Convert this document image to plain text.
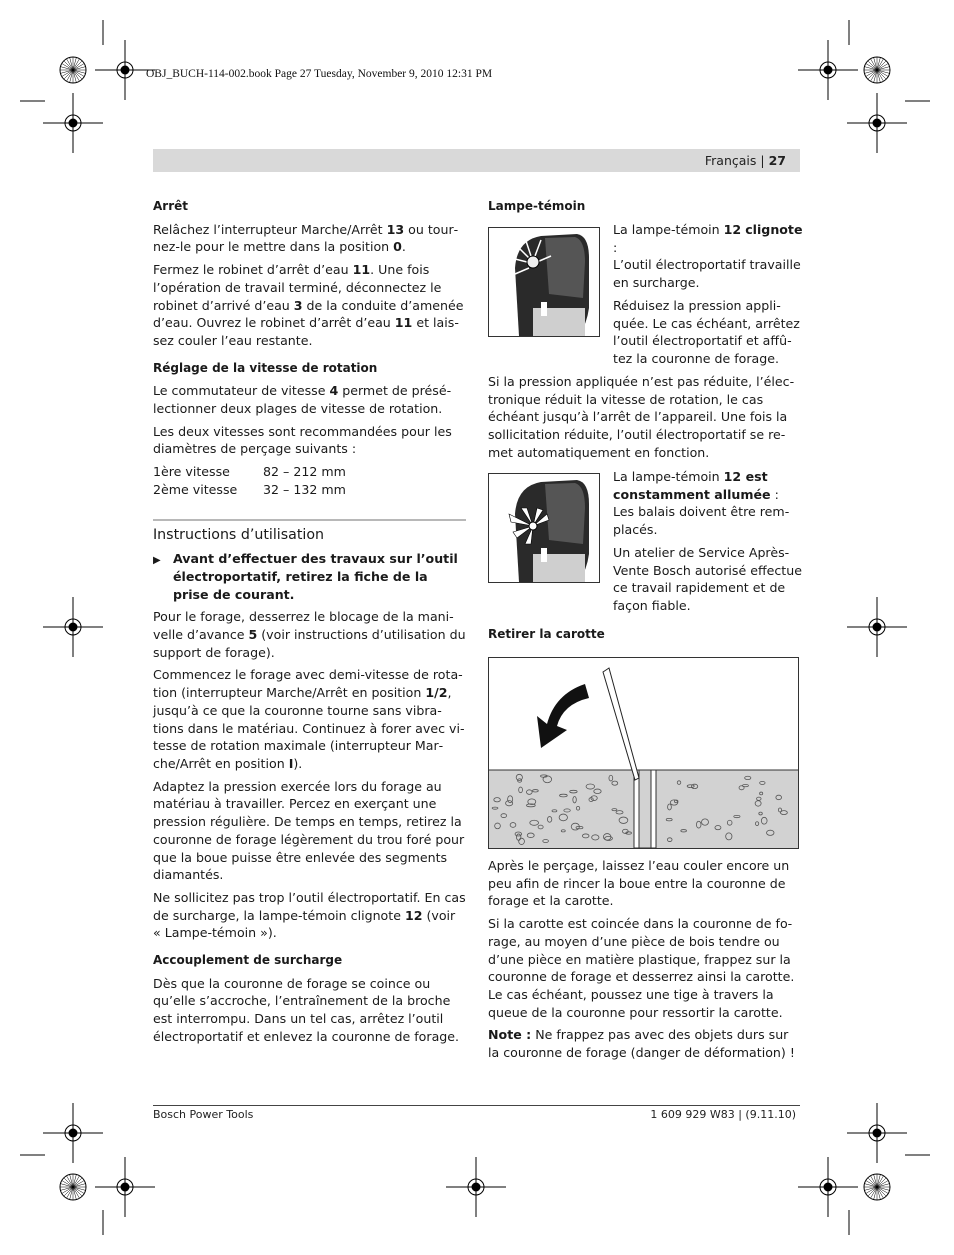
OBJ_BUCH-114-002.book Page 27 Tuesday, November 9, 2010 12:31 PM
Français | 27
Arrêt

Relâchez l’interrupteur Marche/Arrêt 13 ou tournez-le pour le mettre dans la position 0.

Fermez le robinet d’arrêt d’eau 11. Une fois l’opération de travail terminé, déconnectez le robinet d’arrivé d’eau 3 de la conduite d’amenée d’eau. Ouvrez le robinet d’arrêt d’eau 11 et laissez couler l’eau restante.

Réglage de la vitesse de rotation

Le commutateur de vitesse 4 permet de présélectionner deux plages de vitesse de rotation.

Les deux vitesses sont recommandées pour les diamètres de perçage suivants :

1ère vitesse	82 – 212 mm
2ème vitesse	32 – 132 mm
Instructions d’utilisation
▶ Avant d’effectuer des travaux sur l’outil électroportatif, retirez la fiche de la prise de courant.

Pour le forage, desserrez le blocage de la manivelle d’avance 5 (voir instructions d’utilisation du support de forage).

Commencez le forage avec demi-vitesse de rotation (interrupteur Marche/Arrêt en position 1/2, jusqu’à ce que la couronne tourne sans vibrations dans le matériau. Continuez à forer avec vitesse de rotation maximale (interrupteur Marche/Arrêt en position I).

Adaptez la pression exercée lors du forage au matériau à travailler. Percez en exerçant une pression régulière. De temps en temps, retirez la couronne de forage légèrement du trou foré pour que la boue puisse être enlevée des segments diamantés.

Ne sollicitez pas trop l’outil électroportatif. En cas de surcharge, la lampe-témoin clignote 12 (voir « Lampe-témoin »).

Accouplement de surcharge

Dès que la couronne de forage se coince ou qu’elle s’accroche, l’entraînement de la broche est interrompu. Dans un tel cas, arrêtez l’outil électroportatif et enlevez la couronne de forage.

Lampe-témoin

La lampe-témoin 12 clignote :

L’outil électroportatif travaille en surcharge.

Réduisez la pression appliquée. Le cas échéant, arrêtez l’outil électroportatif et affûtez la couronne de forage.

Si la pression appliquée n’est pas réduite, l’électronique réduit la vitesse de rotation, le cas échéant jusqu’à l’arrêt de l’appareil. Une fois la sollicitation réduite, l’outil électroportatif se remet automatiquement en fonction.

La lampe-témoin 12 est constamment allumée :

Les balais doivent être remplacés.

Un atelier de Service Après-Vente Bosch autorisé effectue ce travail rapidement et de façon fiable.

Retirer la carotte

Après le perçage, laissez l’eau couler encore un peu afin de rincer la boue entre la couronne de forage et la carotte.

Si la carotte est coincée dans la couronne de forage, au moyen d’une pièce de bois tendre ou d’une pièce en matière plastique, frappez sur la couronne de forage et desserrez ainsi la carotte. Le cas échéant, poussez une tige à travers la queue de la couronne pour ressortir la carotte.

Note : Ne frappez pas avec des objets durs sur la couronne de forage (danger de déformation) !

Bosch Power Tools	1 609 929 W83 | (9.11.10)
